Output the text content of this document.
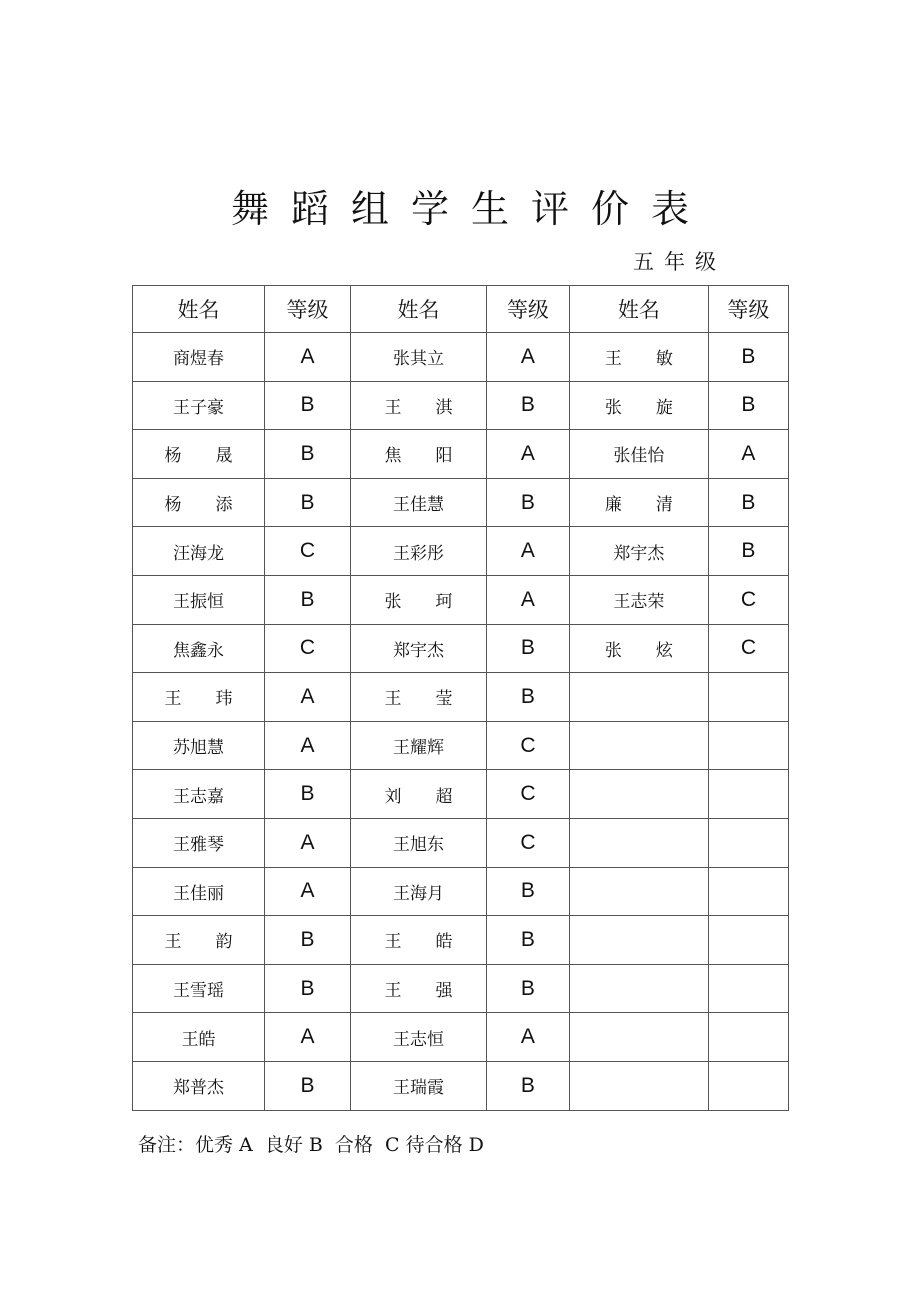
舞蹈组学生评价表
五年级
姓名	等级	姓名	等级	姓名	等级
商煜春	A	张其立	A	王　　敏	B
王子豪	B	王　　淇	B	张　　旋	B
杨　　晟	B	焦　　阳	A	张佳怡	A
杨　　添	B	王佳慧	B	廉　　清	B
汪海龙	C	王彩彤	A	郑宇杰	B
王振恒	B	张　　珂	A	王志荣	C
焦鑫永	C	郑宇杰	B	张　　炫	C
王　　玮	A	王　　莹	B		
苏旭慧	A	王耀辉	C		
王志嘉	B	刘　　超	C		
王雅琴	A	王旭东	C		
王佳丽	A	王海月	B		
王　　韵	B	王　　皓	B		
王雪瑶	B	王　　强	B		
王皓	A	王志恒	A		
郑普杰	B	王瑞霞	B		
备注：优秀 A  良好 B  合格  C 待合格 D
